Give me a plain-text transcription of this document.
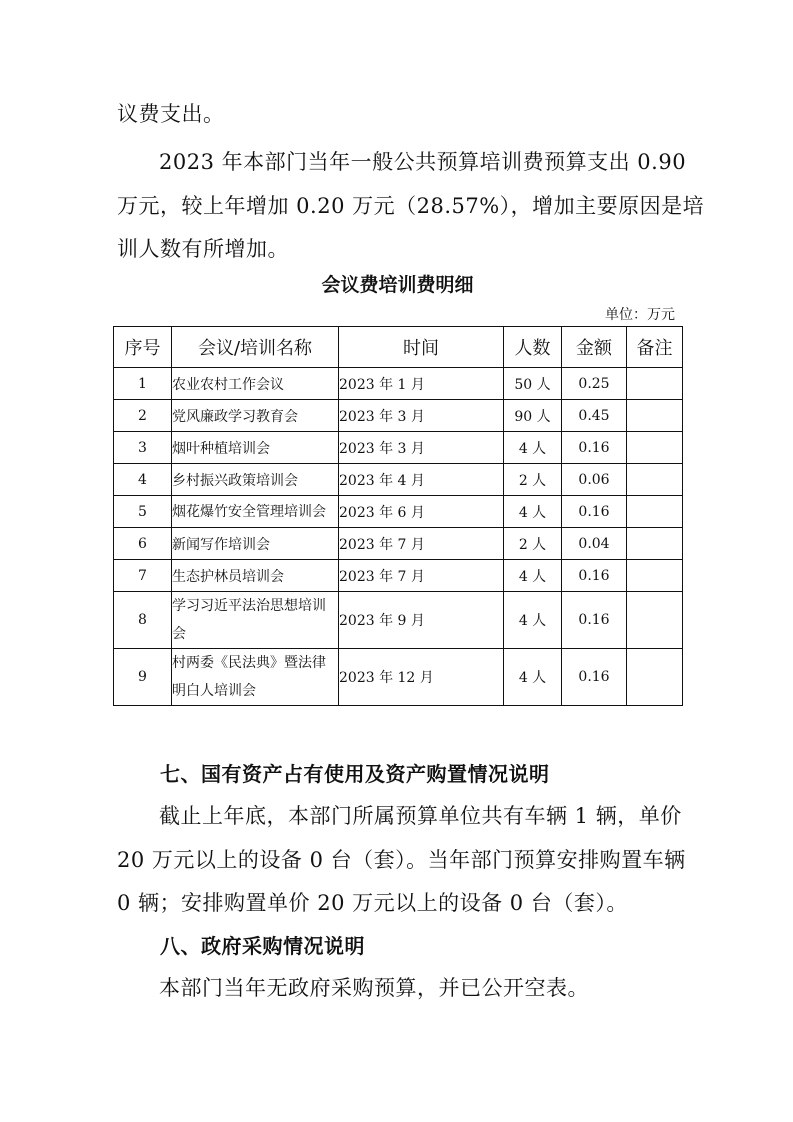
议费支出。
2023 年本部门当年一般公共预算培训费预算支出 0.90
万元，较上年增加 0.20 万元（28.57%），增加主要原因是培
训人数有所增加。
会议费培训费明细
单位：万元
序号	会议/培训名称	时间	人数	金额	备注
1	农业农村工作会议	2023 年 1 月	50 人	0.25	
2	党风廉政学习教育会	2023 年 3 月	90 人	0.45	
3	烟叶种植培训会	2023 年 3 月	4 人	0.16	
4	乡村振兴政策培训会	2023 年 4 月	2 人	0.06	
5	烟花爆竹安全管理培训会	2023 年 6 月	4 人	0.16	
6	新闻写作培训会	2023 年 7 月	2 人	0.04	
7	生态护林员培训会	2023 年 7 月	4 人	0.16	
8	学习习近平法治思想培训会	2023 年 9 月	4 人	0.16	
9	村两委《民法典》暨法律明白人培训会	2023 年 12 月	4 人	0.16	
七、国有资产占有使用及资产购置情况说明
截止上年底，本部门所属预算单位共有车辆 1 辆，单价
20 万元以上的设备 0 台（套）。当年部门预算安排购置车辆
0 辆；安排购置单价 20 万元以上的设备 0 台（套）。
八、政府采购情况说明
本部门当年无政府采购预算，并已公开空表。
